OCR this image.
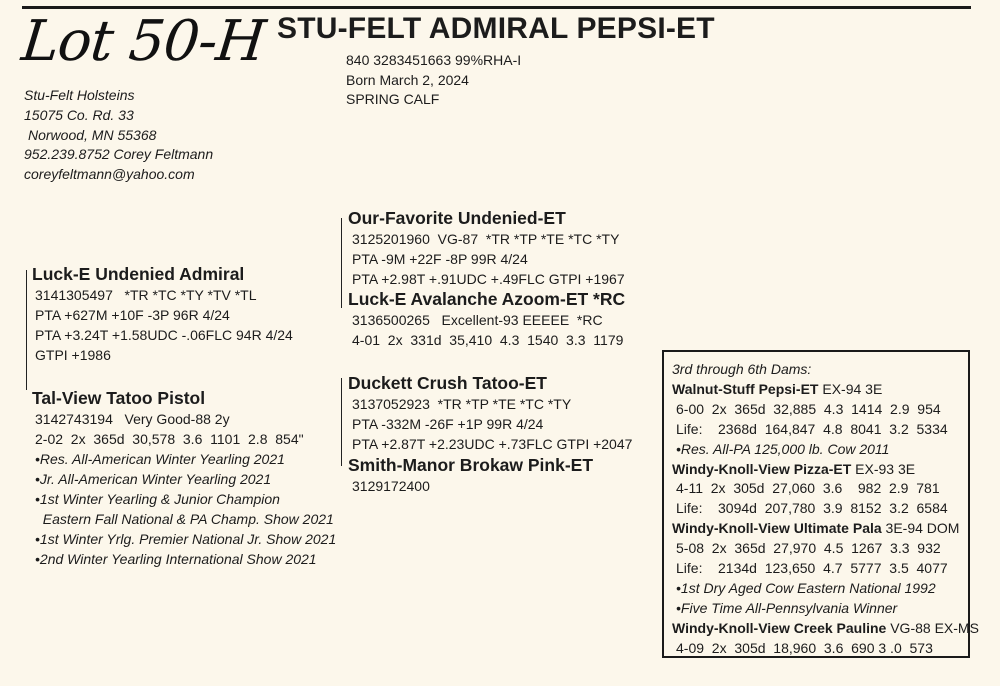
Lot 50-H STU-FELT ADMIRAL PEPSI-ET
840 3283451663 99%RHA-I
Born March 2, 2024
SPRING CALF
Stu-Felt Holsteins
15075 Co. Rd. 33
Norwood, MN 55368
952.239.8752 Corey Feltmann
coreyfeltmann@yahoo.com
Luck-E Undenied Admiral
3141305497   *TR *TC *TY *TV *TL
PTA +627M +10F -3P 96R 4/24
PTA +3.24T +1.58UDC -.06FLC 94R 4/24
GTPI +1986
Our-Favorite Undenied-ET
3125201960  VG-87  *TR *TP *TE *TC *TY
PTA -9M +22F -8P 99R 4/24
PTA +2.98T +.91UDC +.49FLC GTPI +1967
Luck-E Avalanche Azoom-ET *RC
3136500265   Excellent-93 EEEEE  *RC
4-01  2x  331d  35,410  4.3  1540  3.3  1179
Tal-View Tatoo Pistol
3142743194   Very Good-88 2y
2-02  2x  365d  30,578  3.6  1101  2.8  854"
•Res. All-American Winter Yearling 2021
•Jr. All-American Winter Yearling 2021
•1st Winter Yearling & Junior Champion
Eastern Fall National & PA Champ. Show 2021
•1st Winter Yrlg. Premier National Jr. Show 2021
•2nd Winter Yearling International Show 2021
Duckett Crush Tatoo-ET
3137052923  *TR *TP *TE *TC *TY
PTA -332M -26F +1P 99R 4/24
PTA +2.87T +2.23UDC +.73FLC GTPI +2047
Smith-Manor Brokaw Pink-ET
3129172400
3rd through 6th Dams:
Walnut-Stuff Pepsi-ET EX-94 3E
6-00  2x  365d  32,885  4.3  1414  2.9  954
Life:    2368d  164,847  4.8  8041  3.2  5334
•Res. All-PA 125,000 lb. Cow 2011
Windy-Knoll-View Pizza-ET EX-93 3E
4-11  2x  305d  27,060  3.6    982  2.9  781
Life:    3094d  207,780  3.9  8152  3.2  6584
Windy-Knoll-View Ultimate Pala 3E-94 DOM
5-08  2x  365d  27,970  4.5  1267  3.3  932
Life:    2134d  123,650  4.7  5777  3.5  4077
•1st Dry Aged Cow Eastern National 1992
•Five Time All-Pennsylvania Winner
Windy-Knoll-View Creek Pauline VG-88 EX-MS
4-09  2x  305d  18,960  3.6  690 3 .0  573
